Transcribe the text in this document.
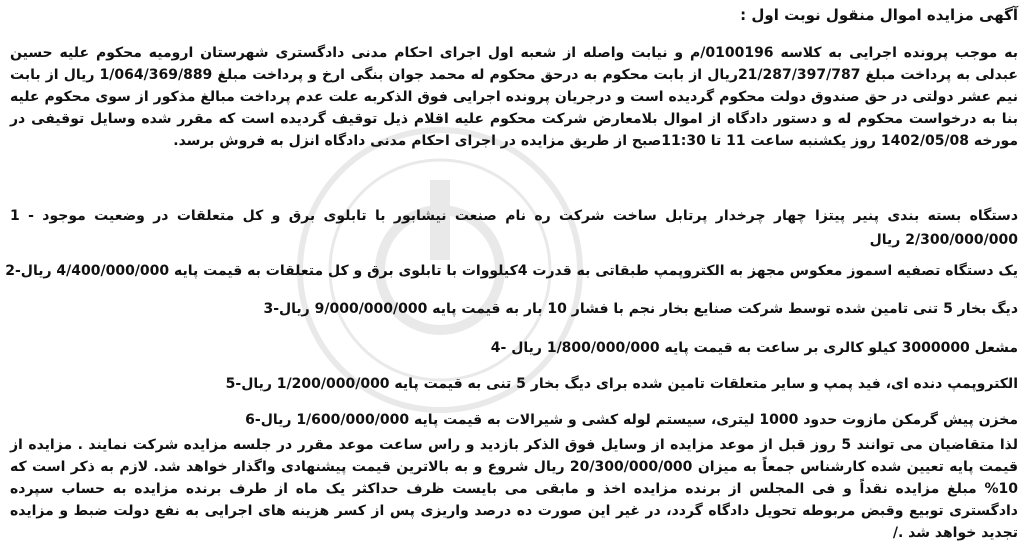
آگهی مزایده اموال منقول نوبت اول :
به موجب پرونده اجرایی به کلاسه 0100196/م و نیابت واصله از شعبه اول اجرای احکام مدنی دادگستری شهرستان ارومیه محکوم علیه حسین عبدلی به پرداخت مبلغ 21/287/397/787ریال از بابت محکوم به درحق محکوم له محمد جوان بنگی ارخ و پرداخت مبلغ 1/064/369/889 ریال از بابت نیم عشر دولتی در حق صندوق دولت محکوم گردیده است و درجریان پرونده اجرایی فوق الذکربه علت عدم پرداخت مبالغ مذکور از سوی محکوم علیه بنا به درخواست محکوم له و دستور دادگاه از اموال بلامعارض شرکت محکوم علیه اقلام ذیل توقیف گردیده است که مقرر شده وسایل توقیفی در مورخه 1402/05/08 روز یکشنبه ساعت 11 تا 11:30صبح از طریق مزایده در اجرای احکام مدنی دادگاه انزل به فروش برسد.
دستگاه بسته بندی پنیر پیتزا چهار چرخدار پرتابل ساخت شرکت ره نام صنعت نیشابور با تابلوی برق و کل متعلقات در وضعیت موجود - 1 2/300/000/000 ریال
یک دستگاه تصفیه اسموز معکوس مجهز به الکتروپمپ طبقاتی به قدرت 4کیلووات با تابلوی برق و کل متعلقات به قیمت پایه 4/400/000/000 ریال-2
دیگ بخار 5 تنی تامین شده توسط شرکت صنایع بخار نجم با فشار 10 بار به قیمت پایه 9/000/000/000 ریال-3
مشعل 3000000 کیلو کالری بر ساعت به قیمت پایه 1/800/000/000 ریال -4
الکتروپمپ دنده ای، فید پمپ و سایر متعلقات تامین شده برای دیگ بخار 5 تنی به قیمت پایه 1/200/000/000 ریال-5
مخزن پیش گرمکن مازوت حدود 1000 لیتری، سیستم لوله کشی و شیرالات به قیمت پایه 1/600/000/000 ریال-6
لذا متقاضیان می توانند 5 روز قبل از موعد مزایده از وسایل فوق الذکر بازدید و راس ساعت موعد مقرر در جلسه مزایده شرکت نمایند . مزایده از قیمت پایه تعیین شده کارشناس جمعاً به میزان 20/300/000/000 ریال شروع و به بالاترین قیمت پیشنهادی واگذار خواهد شد. لازم به ذکر است که 10% مبلغ مزایده نقداً و فی المجلس از برنده مزایده اخذ و مابقی می بایست ظرف حداکثر یک ماه از طرف برنده مزایده به حساب سپرده دادگستری توبیع وقبض مربوطه تحویل دادگاه گردد، در غیر این صورت ده درصد واریزی پس از کسر هزینه های اجرایی به نفع دولت ضبط و مزایده تجدید خواهد شد ./
